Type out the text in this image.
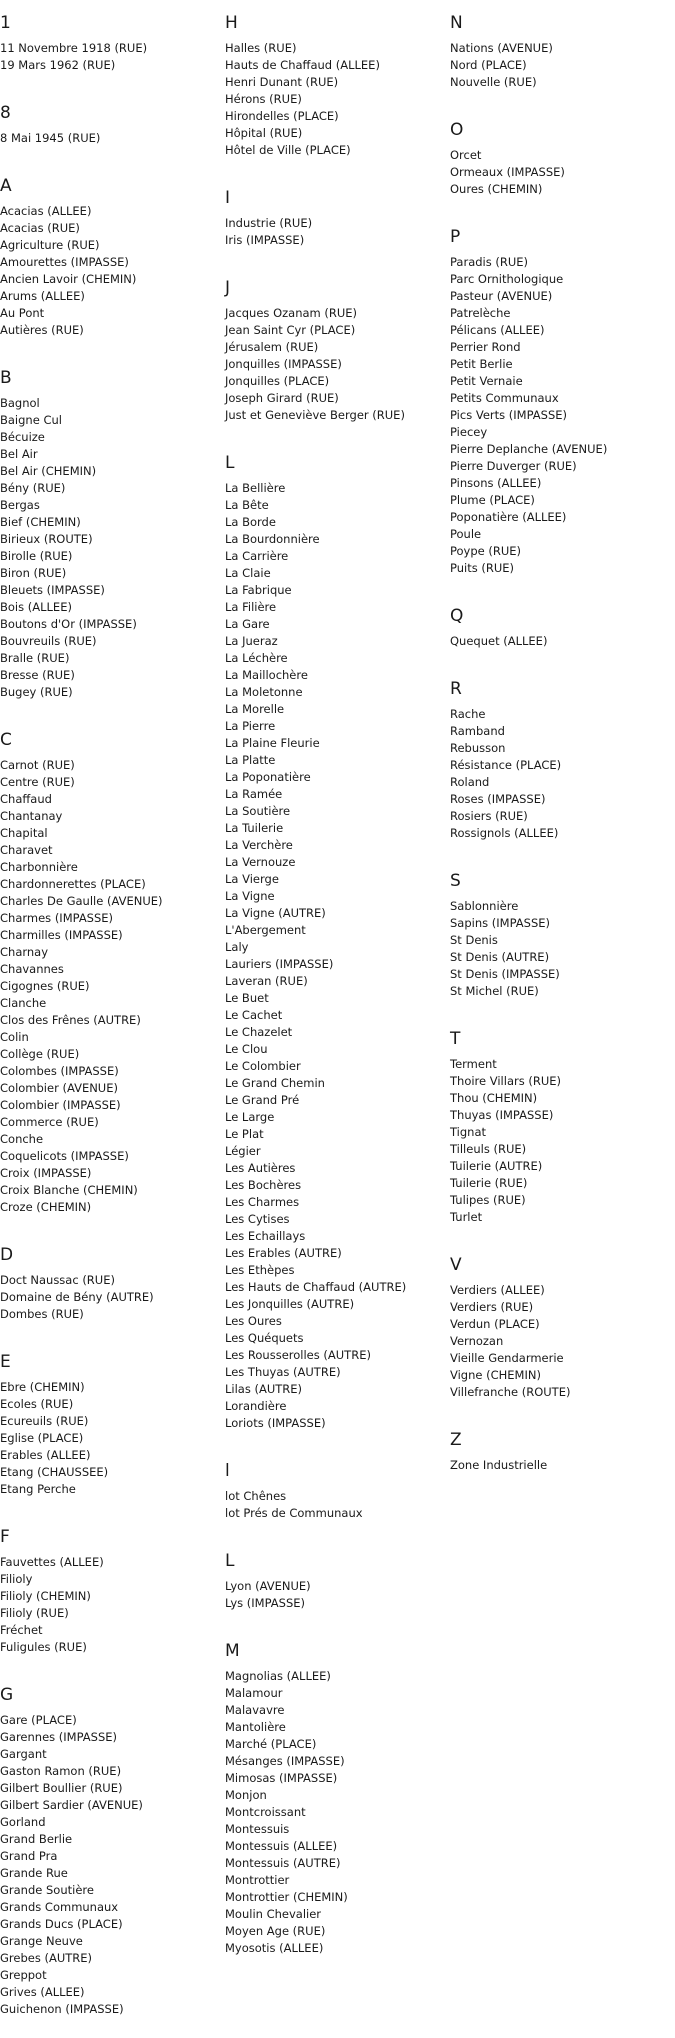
1
11 Novembre 1918 (RUE)
19 Mars 1962 (RUE)
8
8 Mai 1945 (RUE)
A
Acacias (ALLEE)
Acacias (RUE)
Agriculture (RUE)
Amourettes (IMPASSE)
Ancien Lavoir (CHEMIN)
Arums (ALLEE)
Au Pont
Autières (RUE)
B
Bagnol
Baigne Cul
Bécuize
Bel Air
Bel Air (CHEMIN)
Bény (RUE)
Bergas
Bief (CHEMIN)
Birieux (ROUTE)
Birolle (RUE)
Biron (RUE)
Bleuets (IMPASSE)
Bois (ALLEE)
Boutons d'Or (IMPASSE)
Bouvreuils (RUE)
Bralle (RUE)
Bresse (RUE)
Bugey (RUE)
C
Carnot (RUE)
Centre (RUE)
Chaffaud
Chantanay
Chapital
Charavet
Charbonnière
Chardonnerettes (PLACE)
Charles De Gaulle (AVENUE)
Charmes (IMPASSE)
Charmilles (IMPASSE)
Charnay
Chavannes
Cigognes (RUE)
Clanche
Clos des Frênes (AUTRE)
Colin
Collège (RUE)
Colombes (IMPASSE)
Colombier (AVENUE)
Colombier (IMPASSE)
Commerce (RUE)
Conche
Coquelicots (IMPASSE)
Croix (IMPASSE)
Croix Blanche (CHEMIN)
Croze (CHEMIN)
D
Doct Naussac (RUE)
Domaine de Bény (AUTRE)
Dombes (RUE)
E
Ebre (CHEMIN)
Ecoles (RUE)
Ecureuils (RUE)
Eglise (PLACE)
Erables (ALLEE)
Etang (CHAUSSEE)
Etang Perche
F
Fauvettes (ALLEE)
Filioly
Filioly (CHEMIN)
Filioly (RUE)
Fréchet
Fuligules (RUE)
G
Gare (PLACE)
Garennes (IMPASSE)
Gargant
Gaston Ramon (RUE)
Gilbert Boullier (RUE)
Gilbert Sardier (AVENUE)
Gorland
Grand Berlie
Grand Pra
Grande Rue
Grande Soutière
Grands Communaux
Grands Ducs (PLACE)
Grange Neuve
Grebes (AUTRE)
Greppot
Grives (ALLEE)
Guichenon (IMPASSE)
H
Halles (RUE)
Hauts de Chaffaud (ALLEE)
Henri Dunant (RUE)
Hérons (RUE)
Hirondelles (PLACE)
Hôpital (RUE)
Hôtel de Ville (PLACE)
I
Industrie (RUE)
Iris (IMPASSE)
J
Jacques Ozanam (RUE)
Jean Saint Cyr (PLACE)
Jérusalem (RUE)
Jonquilles (IMPASSE)
Jonquilles (PLACE)
Joseph Girard (RUE)
Just et Geneviève Berger (RUE)
L
La Bellière
La Bête
La Borde
La Bourdonnière
La Carrière
La Claie
La Fabrique
La Filière
La Gare
La Jueraz
La Léchère
La Maillochère
La Moletonne
La Morelle
La Pierre
La Plaine Fleurie
La Platte
La Poponatière
La Ramée
La Soutière
La Tuilerie
La Verchère
La Vernouze
La Vierge
La Vigne
La Vigne (AUTRE)
L'Abergement
Laly
Lauriers (IMPASSE)
Laveran (RUE)
Le Buet
Le Cachet
Le Chazelet
Le Clou
Le Colombier
Le Grand Chemin
Le Grand Pré
Le Large
Le Plat
Légier
Les Autières
Les Bochères
Les Charmes
Les Cytises
Les Echaillays
Les Erables (AUTRE)
Les Ethèpes
Les Hauts de Chaffaud (AUTRE)
Les Jonquilles (AUTRE)
Les Oures
Les Quéquets
Les Rousserolles (AUTRE)
Les Thuyas (AUTRE)
Lilas (AUTRE)
Lorandière
Loriots (IMPASSE)
l
lot Chênes
lot Prés de Communaux
L
Lyon (AVENUE)
Lys (IMPASSE)
M
Magnolias (ALLEE)
Malamour
Malavavre
Mantolière
Marché (PLACE)
Mésanges (IMPASSE)
Mimosas (IMPASSE)
Monjon
Montcroissant
Montessuis
Montessuis (ALLEE)
Montessuis (AUTRE)
Montrottier
Montrottier (CHEMIN)
Moulin Chevalier
Moyen Age (RUE)
Myosotis (ALLEE)
N
Nations (AVENUE)
Nord (PLACE)
Nouvelle (RUE)
O
Orcet
Ormeaux (IMPASSE)
Oures (CHEMIN)
P
Paradis (RUE)
Parc Ornithologique
Pasteur (AVENUE)
Patrelèche
Pélicans (ALLEE)
Perrier Rond
Petit Berlie
Petit Vernaie
Petits Communaux
Pics Verts (IMPASSE)
Piecey
Pierre Deplanche (AVENUE)
Pierre Duverger (RUE)
Pinsons (ALLEE)
Plume (PLACE)
Poponatière (ALLEE)
Poule
Poype (RUE)
Puits (RUE)
Q
Quequet (ALLEE)
R
Rache
Ramband
Rebusson
Résistance (PLACE)
Roland
Roses (IMPASSE)
Rosiers (RUE)
Rossignols (ALLEE)
S
Sablonnière
Sapins (IMPASSE)
St Denis
St Denis (AUTRE)
St Denis (IMPASSE)
St Michel (RUE)
T
Terment
Thoire Villars (RUE)
Thou (CHEMIN)
Thuyas (IMPASSE)
Tignat
Tilleuls (RUE)
Tuilerie (AUTRE)
Tuilerie (RUE)
Tulipes (RUE)
Turlet
V
Verdiers (ALLEE)
Verdiers (RUE)
Verdun (PLACE)
Vernozan
Vieille Gendarmerie
Vigne (CHEMIN)
Villefranche (ROUTE)
Z
Zone Industrielle
